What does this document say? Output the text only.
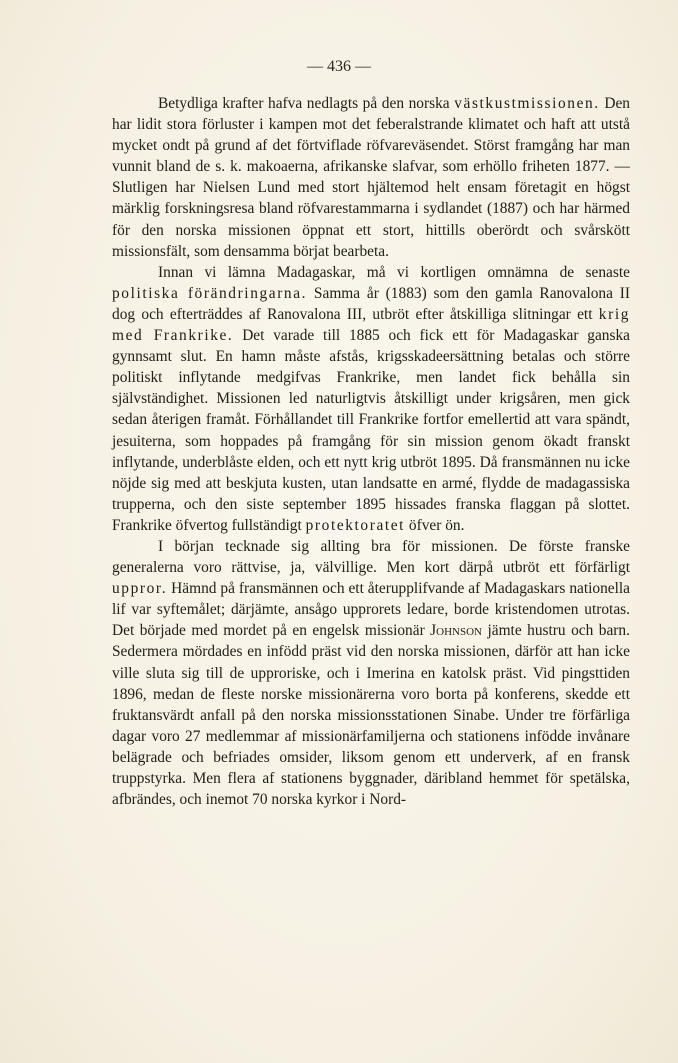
— 436 —

Betydliga krafter hafva nedlagts på den norska västkustmissionen. Den har lidit stora förluster i kampen mot det feberalstrande klimatet och haft att utstå mycket ondt på grund af det förtviflade röfvareväsendet. Störst framgång har man vunnit bland de s. k. makoaerna, afrikanske slafvar, som erhöllo friheten 1877. — Slutligen har Nielsen Lund med stort hjältemod helt ensam företagit en högst märklig forskningsresa bland röfvarestammarna i sydlandet (1887) och har härmed för den norska missionen öppnat ett stort, hittills oberördt och svårskött missionsfält, som densamma börjat bearbeta.

Innan vi lämna Madagaskar, må vi kortligen omnämna de senaste politiska förändringarna. Samma år (1883) som den gamla Ranovalona II dog och efterträddes af Ranovalona III, utbröt efter åtskilliga slitningar ett krig med Frankrike. Det varade till 1885 och fick ett för Madagaskar ganska gynnsamt slut. En hamn måste afstås, krigsskadeersättning betalas och större politiskt inflytande medgifvas Frankrike, men landet fick behålla sin självständighet. Missionen led naturligtvis åtskilligt under krigsåren, men gick sedan återigen framåt. Förhållandet till Frankrike fortfor emellertid att vara spändt, jesuiterna, som hoppades på framgång för sin mission genom ökadt franskt inflytande, underblåste elden, och ett nytt krig utbröt 1895. Då fransmännen nu icke nöjde sig med att beskjuta kusten, utan landsatte en armé, flydde de madagassiska trupperna, och den siste september 1895 hissades franska flaggan på slottet. Frankrike öfvertog fullständigt protektoratet öfver ön.

I början tecknade sig allting bra för missionen. De förste franske generalerna voro rättvise, ja, välvillige. Men kort därpå utbröt ett förfärligt uppror. Hämnd på fransmännen och ett återupplifvande af Madagaskars nationella lif var syftemålet; därjämte, ansågo upprorets ledare, borde kristendomen utrotas. Det började med mordet på en engelsk missionär Johnson jämte hustru och barn. Sedermera mördades en infödd präst vid den norska missionen, därför att han icke ville sluta sig till de upproriske, och i Imerina en katolsk präst. Vid pingsttiden 1896, medan de fleste norske missionärerna voro borta på konferens, skedde ett fruktansvärdt anfall på den norska missionsstationen Sinabe. Under tre förfärliga dagar voro 27 medlemmar af missionärfamiljerna och stationens infödde invånare belägrade och befriades omsider, liksom genom ett underverk, af en fransk truppstyrka. Men flera af stationens byggnader, däribland hemmet för spetälska, afbrändes, och inemot 70 norska kyrkor i Nord-
